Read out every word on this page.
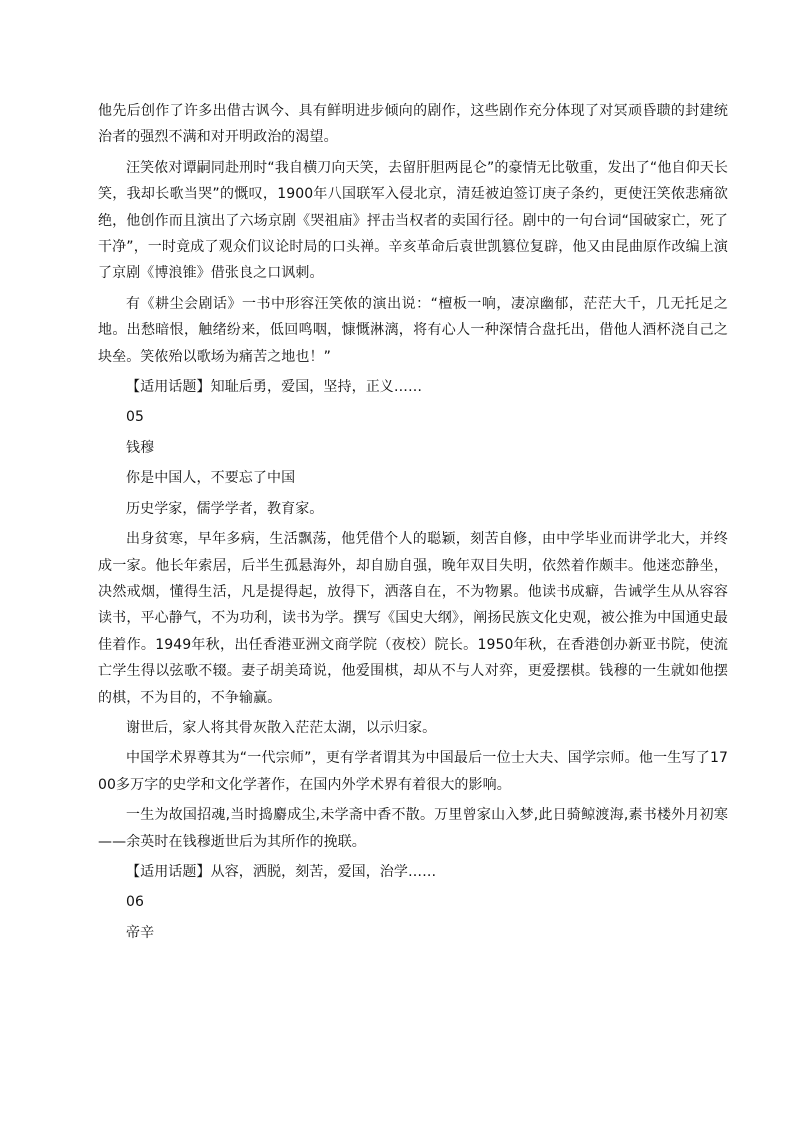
他先后创作了许多出借古讽今、具有鲜明进步倾向的剧作，这些剧作充分体现了对冥顽昏聩的封建统治者的强烈不满和对开明政治的渴望。

汪笑侬对谭嗣同赴刑时“我自横刀向天笑，去留肝胆两昆仑”的豪情无比敬重，发出了“他自仰天长笑，我却长歌当哭”的慨叹，1900年八国联军入侵北京，清廷被迫签订庚子条约，更使汪笑侬悲痛欲绝，他创作而且演出了六场京剧《哭祖庙》抨击当权者的卖国行径。剧中的一句台词“国破家亡，死了干净”，一时竟成了观众们议论时局的口头禅。辛亥革命后袁世凯篡位复辟，他又由昆曲原作改编上演了京剧《博浪锥》借张良之口讽刺。

有《耕尘会剧话》一书中形容汪笑侬的演出说：“檀板一响，凄凉幽郁，茫茫大千，几无托足之地。出愁暗恨，触绪纷来，低回鸣咽，慷慨淋漓，将有心人一种深情合盘托出，借他人酒杯浇自己之块垒。笑侬殆以歌场为痛苦之地也！”

【适用话题】知耻后勇，爱国，坚持，正义……

05

钱穆

你是中国人，不要忘了中国

历史学家，儒学学者，教育家。

出身贫寒，早年多病，生活飘荡，他凭借个人的聪颖，刻苦自修，由中学毕业而讲学北大，并终成一家。他长年索居，后半生孤悬海外，却自励自强，晚年双目失明，依然着作颇丰。他迷恋静坐，决然戒烟，懂得生活，凡是提得起，放得下，洒落自在，不为物累。他读书成癖，告诫学生从从容容读书，平心静气，不为功利，读书为学。撰写《国史大纲》，阐扬民族文化史观，被公推为中国通史最佳着作。1949年秋，出任香港亚洲文商学院（夜校）院长。1950年秋，在香港创办新亚书院，使流亡学生得以弦歌不辍。妻子胡美琦说，他爱围棋，却从不与人对弈，更爱摆棋。钱穆的一生就如他摆的棋，不为目的，不争输赢。

谢世后，家人将其骨灰散入茫茫太湖，以示归家。

中国学术界尊其为“一代宗师”，更有学者谓其为中国最后一位士大夫、国学宗师。他一生写了1700多万字的史学和文化学著作，在国内外学术界有着很大的影响。

一生为故国招魂,当时捣麝成尘,未学斋中香不散。万里曾家山入梦,此日骑鲸渡海,素书楼外月初寒——余英时在钱穆逝世后为其所作的挽联。

【适用话题】从容，洒脱，刻苦，爱国，治学……

06

帝辛
